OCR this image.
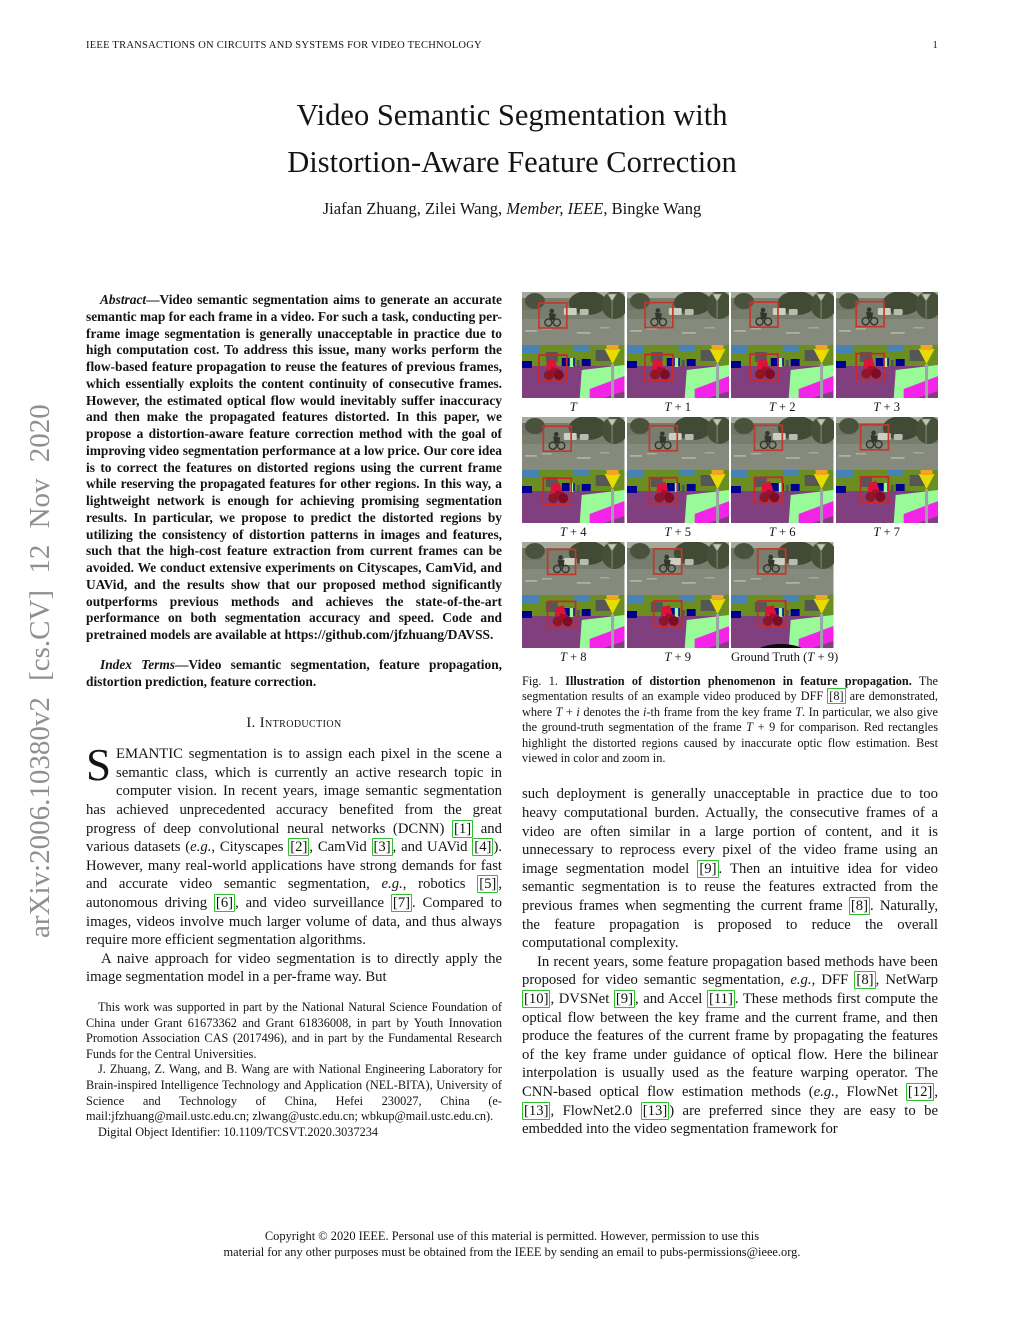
IEEE TRANSACTIONS ON CIRCUITS AND SYSTEMS FOR VIDEO TECHNOLOGY	1
arXiv:2006.10380v2 [cs.CV] 12 Nov 2020
Video Semantic Segmentation with
Distortion-Aware Feature Correction
Jiafan Zhuang, Zilei Wang, Member, IEEE, Bingke Wang

Abstract—Video semantic segmentation aims to generate an accurate semantic map for each frame in a video. For such a task, conducting per-frame image segmentation is generally unacceptable in practice due to high computation cost. To address this issue, many works perform the flow-based feature propagation to reuse the features of previous frames, which essentially exploits the content continuity of consecutive frames. However, the estimated optical flow would inevitably suffer inaccuracy and then make the propagated features distorted. In this paper, we propose a distortion-aware feature correction method with the goal of improving video segmentation performance at a low price. Our core idea is to correct the features on distorted regions using the current frame while reserving the propagated features for other regions. In this way, a lightweight network is enough for achieving promising segmentation results. In particular, we propose to predict the distorted regions by utilizing the consistency of distortion patterns in images and features, such that the high-cost feature extraction from current frames can be avoided. We conduct extensive experiments on Cityscapes, CamVid, and UAVid, and the results show that our proposed method significantly outperforms previous methods and achieves the state-of-the-art performance on both segmentation accuracy and speed. Code and pretrained models are available at https://github.com/jfzhuang/DAVSS.

Index Terms—Video semantic segmentation, feature propagation, distortion prediction, feature correction.

I. Introduction

SEMANTIC segmentation is to assign each pixel in the scene a semantic class, which is currently an active research topic in computer vision. In recent years, image semantic segmentation has achieved unprecedented accuracy benefited from the great progress of deep convolutional neural networks (DCNN) [1] and various datasets (e.g., Cityscapes [2] , CamVid [3] , and UAVid [4] ). However, many real-world applications have strong demands for fast and accurate video semantic segmentation, e.g., robotics [5] , autonomous driving [6] , and video surveillance [7] . Compared to images, videos involve much larger volume of data, and thus always require more efficient segmentation algorithms.

A naive approach for video segmentation is to directly apply the image segmentation model in a per-frame way. But

This work was supported in part by the National Natural Science Foundation of China under Grant 61673362 and Grant 61836008, in part by Youth Innovation Promotion Association CAS (2017496), and in part by the Fundamental Research Funds for the Central Universities.

J. Zhuang, Z. Wang, and B. Wang are with National Engineering Laboratory for Brain-inspired Intelligence Technology and Application (NEL-BITA), University of Science and Technology of China, Hefei 230027, China (e-mail:jfzhuang@mail.ustc.edu.cn; zlwang@ustc.edu.cn; wbkup@mail.ustc.edu.cn).

Digital Object Identifier: 10.1109/TCSVT.2020.3037234

T	T + 1	T + 2	T + 3
T + 4	T + 5	T + 6	T + 7
T + 8	T + 9	Ground Truth (T + 9)

Fig. 1. Illustration of distortion phenomenon in feature propagation. The segmentation results of an example video produced by DFF [8] are demonstrated, where T + i denotes the i-th frame from the key frame T. In particular, we also give the ground-truth segmentation of the frame T + 9 for comparison. Red rectangles highlight the distorted regions caused by inaccurate optic flow estimation. Best viewed in color and zoom in.

such deployment is generally unacceptable in practice due to too heavy computational burden. Actually, the consecutive frames of a video are often similar in a large portion of content, and it is unnecessary to reprocess every pixel of the video frame using an image segmentation model [9] . Then an intuitive idea for video semantic segmentation is to reuse the features extracted from the previous frames when segmenting the current frame [8] . Naturally, the feature propagation is proposed to reduce the overall computational complexity.

In recent years, some feature propagation based methods have been proposed for video semantic segmentation, e.g., DFF [8] , NetWarp [10] , DVSNet [9] , and Accel [11] . These methods first compute the optical flow between the key frame and the current frame, and then produce the features of the current frame by propagating the features of the key frame under guidance of optical flow. Here the bilinear interpolation is usually used as the feature warping operator. The CNN-based optical flow estimation methods (e.g., FlowNet [12] , [13] , FlowNet2.0 [13] ) are preferred since they are easy to be embedded into the video segmentation framework for

Copyright © 2020 IEEE. Personal use of this material is permitted. However, permission to use this
material for any other purposes must be obtained from the IEEE by sending an email to pubs-permissions@ieee.org.
